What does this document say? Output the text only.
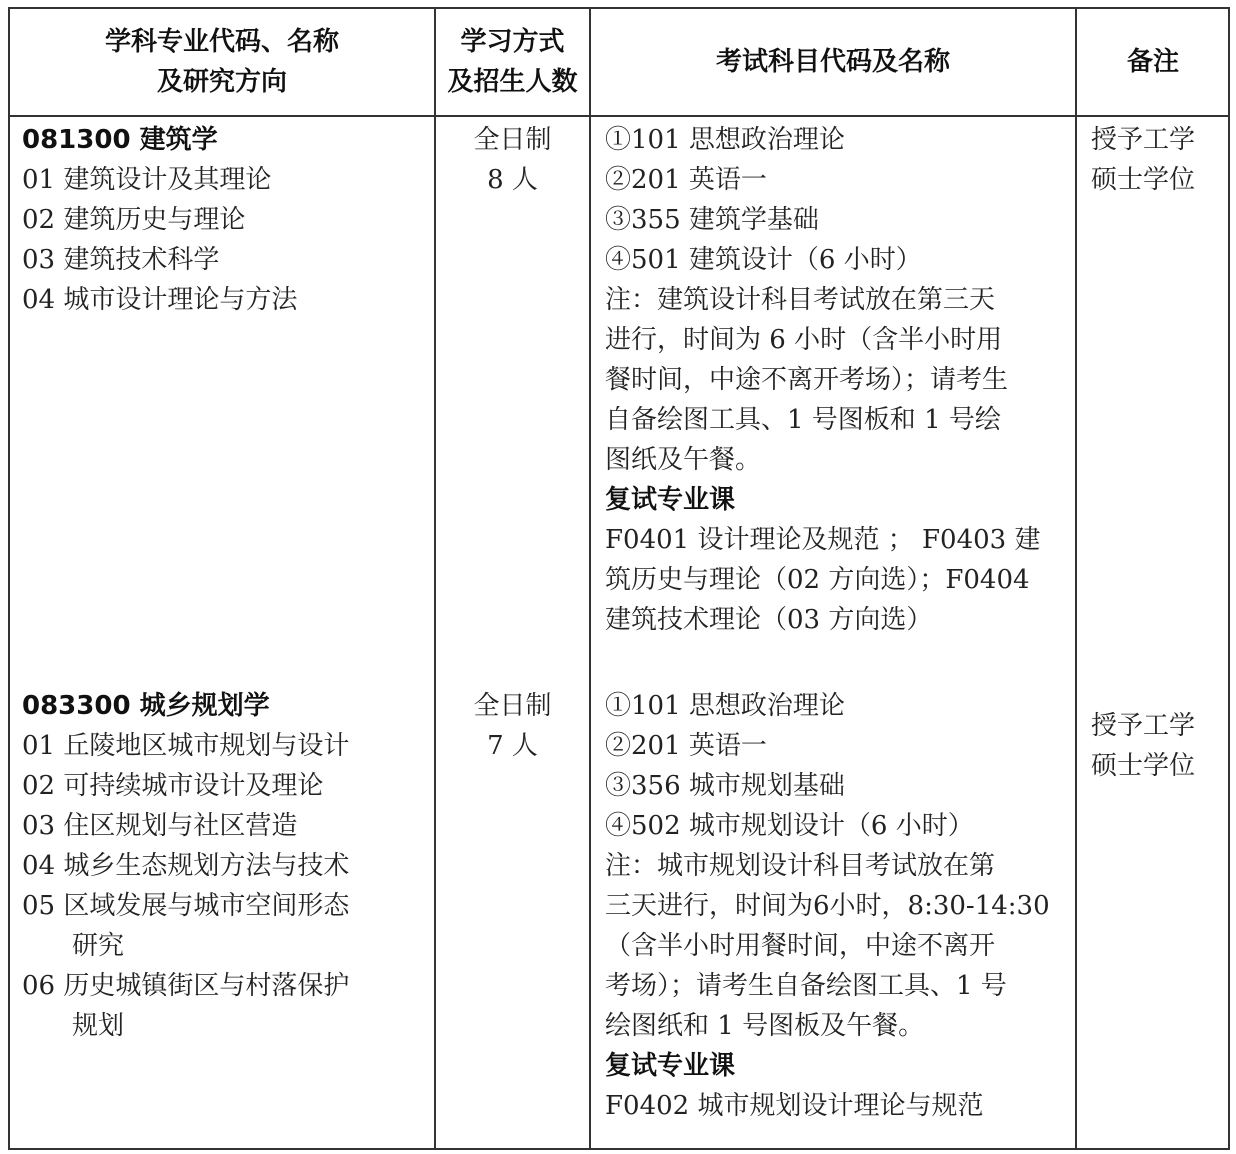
学科专业代码、名称
及研究方向
学习方式
及招生人数
考试科目代码及名称	备注
081300 建筑学
01 建筑设计及其理论
02 建筑历史与理论
03 建筑技术科学
04 城市设计理论与方法
全日制
8 人
①101 思想政治理论
②201 英语一
③355 建筑学基础
④501 建筑设计（6 小时）
注：建筑设计科目考试放在第三天
进行，时间为 6 小时（含半小时用
餐时间，中途不离开考场）；请考生
自备绘图工具、1 号图板和 1 号绘
图纸及午餐。
复试专业课
F0401 设计理论及规范 ； F0403 建
筑历史与理论（02 方向选）；F0404
建筑技术理论（03 方向选）
授予工学
硕士学位
083300 城乡规划学
01 丘陵地区城市规划与设计
02 可持续城市设计及理论
03 住区规划与社区营造
04 城乡生态规划方法与技术
05 区域发展与城市空间形态
研究
06 历史城镇街区与村落保护
规划
全日制
7 人
①101 思想政治理论
②201 英语一
③356 城市规划基础
④502 城市规划设计（6 小时）
注：城市规划设计科目考试放在第
三天进行，时间为6小时，8:30-14:30
（含半小时用餐时间，中途不离开
考场）；请考生自备绘图工具、1 号
绘图纸和 1 号图板及午餐。
复试专业课
F0402 城市规划设计理论与规范
授予工学
硕士学位
